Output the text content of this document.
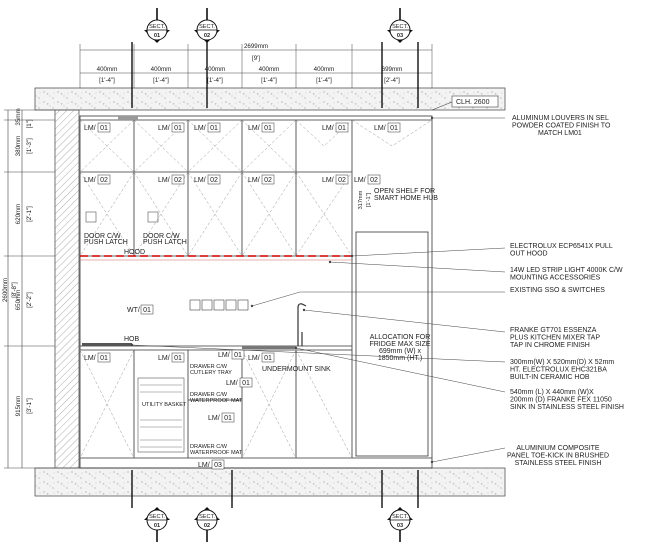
CLH. 2600
2699mm
[9']
400mm
[1'-4"]
400mm
[1'-4"]
400mm
[1'-4"]
400mm
[1'-4"]
400mm
[1'-4"]
699mm
[2'-4"]
35mm [1"]
380mm [1'-3"]
620mm [2'-1"]
650mm [2'-2"]
915mm [3'-1"]
2600mm [8'-8"]
SECT.
01
SECT.
01
SECT.
02
SECT.
02
SECT.
03
SECT.
03
LM/ 01	LM/ 01 LM/ 01	LM/ 01	LM/ 01	LM/ 01
LM/ 02	LM/ 02 LM/ 02	LM/ 02	LM/ 02 LM/ 02
LM/ 01	LM/ 01	LM/ 01 LM/ 01
LM/ 01
LM/ 01
LM/ 03
WT/ 01
DOOR C/W
PUSH LATCH
DOOR C/W
PUSH LATCH
HOOD
HOB
OPEN SHELF FOR
SMART HOME HUB
317mm [1'-1"]
ALLOCATION FOR
FRIDGE MAX SIZE
699mm (W) x
1850mm (HT.)
UNDERMOUNT SINK
DRAWER C/W
CUTLERY TRAY
UTILITY BASKET
DRAWER C/W
WATERPROOF MAT
DRAWER C/W
WATERPROOF MAT
ALUMINUM LOUVERS IN SEL
POWDER COATED FINISH TO
MATCH LM01
ELECTROLUX ECP6541X PULL
OUT HOOD
14W LED STRIP LIGHT 4000K C/W
MOUNTING ACCESSORIES
EXISTING SSO & SWITCHES
FRANKE GT701 ESSENZA
PLUS KITCHEN MIXER TAP
TAP IN CHROME FINISH
300mm(W) X 520mm(D) X 52mm
HT. ELECTROLUX EHC321BA
BUILT-IN CERAMIC HOB
540mm (L) X 440mm (W)X
200mm (D) FRANKE FEX 11050
SINK IN STAINLESS STEEL FINISH
ALUMINIUM COMPOSITE
PANEL TOE-KICK IN BRUSHED
STAINLESS STEEL FINISH
